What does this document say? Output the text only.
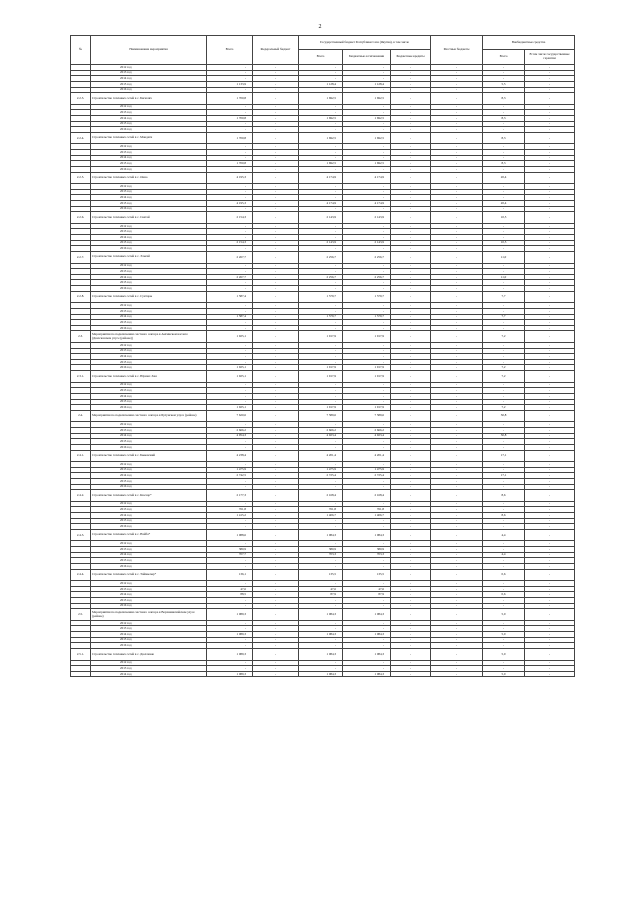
2
№	Наименование мероприятия	Всего	Федеральный бюджет	Государственный бюджет Республики Саха (Якутия), в том числе			Местные бюджеты	Внебюджетные средства	
				Всего	Бюджетные ассигнования	Бюджетные кредиты		Всего	В том числе государственные гарантии
	2012 год	-	-	-	-	-	-	-	-
	2013 год	-	-	-	-	-	-	-	-
	2014 год	-	-	-	-	-	-	-	-
	2015 год	1 133,9	-	1 128,4	1 128,4	-	-	5,5	-
	2016 год	-	-	-	-	-	-	-	-
2.2.3.	Строительство тепловых сетей в с. Бясюлях	1 700,8	-	1 692,5	1 692,5	-	-	8,3	-
	2012 год	-	-	-	-	-	-	-	-
	2013 год	-	-	-	-	-	-	-	-
	2014 год	1 700,8	-	1 692,5	1 692,5	-	-	8,3	-
	2015 год	-	-	-	-	-	-	-	-
	2016 год	-	-	-	-	-	-	-	-
2.2.4.	Строительство тепловых сетей в с. Мандаги	1 700,8	-	1 692,5	1 692,5	-	-	8,3	-
	2012 год	-	-	-	-	-	-	-	-
	2013 год	-	-	-	-	-	-	-	-
	2014 год	-	-	-	-	-	-	-	-
	2015 год	1 700,8	-	1 692,5	1 692,5	-	-	8,3	-
	2016 год	-	-	-	-	-	-	-	-
2.2.5.	Строительство тепловых сетей в с. Онно	4 195,3	-	4 174,9	4 174,9	-	-	20,4	-
	2012 год	-	-	-	-	-	-	-	-
	2013 год	-	-	-	-	-	-	-	-
	2014 год	-	-	-	-	-	-	-	-
	2015 год	4 195,3	-	4 174,9	4 174,9	-	-	20,4	-
	2016 год	-	-	-	-	-	-	-	-
2.2.6.	Строительство тепловых сетей в с. Сватай	2 154,3	-	2 143,9	2 143,9	-	-	10,5	-
	2012 год	-	-	-	-	-	-	-	-
	2013 год	-	-	-	-	-	-	-	-
	2014 год	-	-	-	-	-	-	-	-
	2015 год	2 154,3	-	2 143,9	2 143,9	-	-	10,5	-
	2016 год	-	-	-	-	-	-	-	-
2.2.7.	Строительство тепловых сетей в с. Эльгяй	2 267,7	-	2 256,7	2 256,7	-	-	11,0	-
	2012 год	-	-	-	-	-	-	-	-
	2013 год	-	-	-	-	-	-	-	-
	2014 год	2 267,7	-	2 256,7	2 256,7	-	-	11,0	-
	2015 год	-	-	-	-	-	-	-	-
	2016 год	-	-	-	-	-	-	-	-
2.2.8.	Строительство тепловых сетей в с. Сунтары	1 587,4	-	1 579,7	1 579,7	-	-	7,7	-
	2012 год	-	-	-	-	-	-	-	-
	2013 год	-	-	-	-	-	-	-	-
	2014 год	1 587,4	-	1 579,7	1 579,7	-	-	7,7	-
	2015 год	-	-	-	-	-	-	-	-
	2016 год	-	-	-	-	-	-	-	-
2.3.	Мероприятия по подключению частного сектора в Амгинском наслеге (Дюпсюнском улусе (районе))	1 925,1	-	1 917,9	1 917,9	-	-	7,2	-
	2012 год	-	-	-	-	-	-	-	-
	2013 год	-	-	-	-	-	-	-	-
	2014 год	-	-	-	-	-	-	-	-
	2015 год	-	-	-	-	-	-	-	-
	2016 год	1 925,1	-	1 917,9	1 917,9	-	-	7,2	-
2.3.1.	Строительство тепловых сетей в с. Юрюнг-Хая	1 925,1	-	1 917,9	1 917,9	-	-	7,2	-
	2012 год	-	-	-	-	-	-	-	-
	2013 год	-	-	-	-	-	-	-	-
	2014 год	-	-	-	-	-	-	-	-
	2015 год	-	-	-	-	-	-	-	-
	2016 год	1 925,1	-	1 917,9	1 917,9	-	-	7,2	-
2.4.	Мероприятия по подключению частного сектора в Булунском улусе (районе)	7 620,6	-	7 589,6	7 589,6	-	-	30,8	-
	2012 год	-	-	-	-	-	-	-	-
	2013 год	2 666,2	-	2 666,2	2 666,2	-	-	-	-
	2014 год	4 954,3	-	4 923,4	4 923,4	-	-	30,8	-
	2015 год	-	-	-	-	-	-	-	-
	2016 год	-	-	-	-	-	-	-	-
2.4.1.	Строительство тепловых сетей в с. Быковский	4 238,4	-	4 201,4	4 201,4	-	-	17,1	-
	2012 год	-	-	-	-	-	-	-	-
	2013 год	1 475,9	-	1 475,9	1 475,9	-	-	-	-
	2014 год	2 742,5	-	2 725,4	2 725,4	-	-	17,1	-
	2015 год	-	-	-	-	-	-	-	-
	2016 год	-	-	-	-	-	-	-	-
2.4.2.	Строительство тепловых сетей в с. Кюсюр*	2 177,3	-	2 168,4	2 168,4	-	-	8,6	-
	2012 год	-	-	-	-	-	-	-	-
	2013 год	761,8	-	761,8	761,8	-	-	-	-
	2014 год	1 415,2	-	1 406,7	1 406,7	-	-	8,6	-
	2015 год	-	-	-	-	-	-	-	-
	2016 год	-	-	-	-	-	-	-	-
2.4.3.	Строительство тепловых сетей в с. Найба*	1 088,6	-	1 084,3	1 084,3	-	-	4,4	-
	2012 год	-	-	-	-	-	-	-	-
	2013 год	380,9	-	380,9	380,9	-	-	-	-
	2014 год	707,7	-	703,3	703,3	-	-	4,4	-
	2015 год	-	-	-	-	-	-	-	-
	2016 год	-	-	-	-	-	-	-	-
2.4.4.	Строительство тепловых сетей в с. Таймылыр*	136,1	-	135,5	135,5	-	-	0,6	-
	2012 год	-	-	-	-	-	-	-	-
	2013 год	47,6	-	47,6	47,6	-	-	-	-
	2014 год	88,5	-	87,9	87,9	-	-	0,6	-
	2015 год	-	-	-	-	-	-	-	-
	2016 год	-	-	-	-	-	-	-	-
2.5.	Мероприятия по подключению частного сектора в Верхневилюйском улусе (районе)	1 089,3	-	1 084,3	1 084,3	-	-	5,0	-
	2012 год	-	-	-	-	-	-	-	-
	2013 год	-	-	-	-	-	-	-	-
	2014 год	1 089,3	-	1 084,3	1 084,3	-	-	5,0	-
	2015 год	-	-	-	-	-	-	-	-
	2016 год	-	-	-	-	-	-	-	-
2.5.1.	Строительство тепловых сетей в с. Дюллюкю	1 089,3	-	1 084,3	1 084,3	-	-	5,0	-
	2012 год	-	-	-	-	-	-	-	-
	2013 год	-	-	-	-	-	-	-	-
	2014 год	1 089,3	-	1 084,3	1 084,3	-	-	5,0	-
